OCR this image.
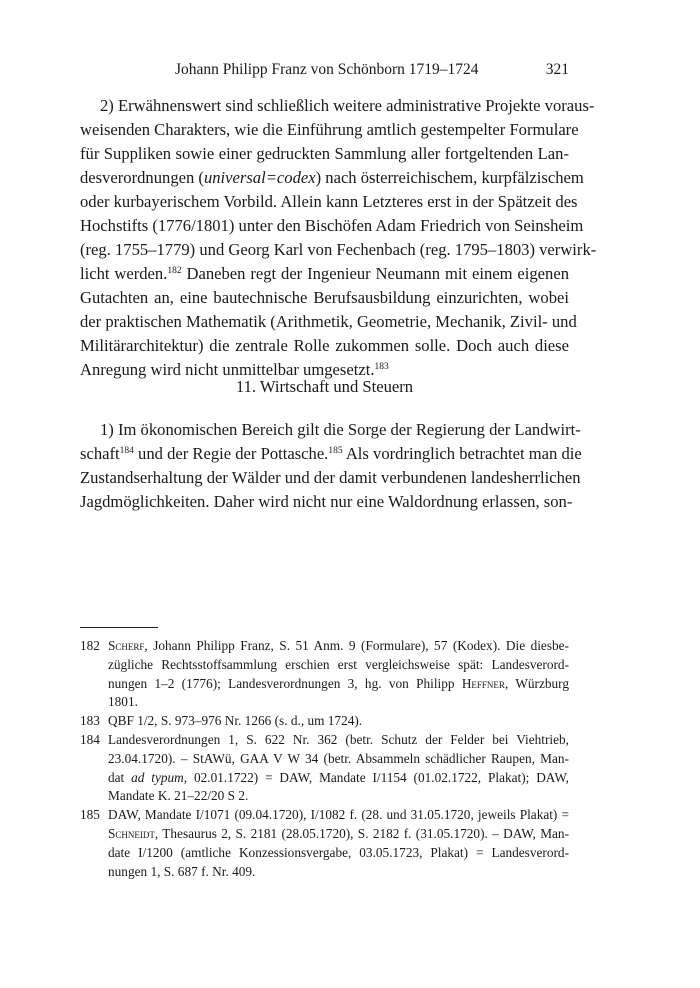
Johann Philipp Franz von Schönborn 1719–1724	321
2) Erwähnenswert sind schließlich weitere administrative Projekte voraus-
weisenden Charakters, wie die Einführung amtlich gestempelter Formulare
für Suppliken sowie einer gedruckten Sammlung aller fortgeltenden Lan-
desverordnungen (universal=codex) nach österreichischem, kurpfälzischem
oder kurbayerischem Vorbild. Allein kann Letzteres erst in der Spätzeit des
Hochstifts (1776/1801) unter den Bischöfen Adam Friedrich von Seinsheim
(reg. 1755–1779) und Georg Karl von Fechenbach (reg. 1795–1803) verwirk-
licht werden.$^{182}$ Daneben regt der Ingenieur Neumann mit einem eigenen
Gutachten an, eine bautechnische Berufsausbildung einzurichten, wobei
der praktischen Mathematik (Arithmetik, Geometrie, Mechanik, Zivil- und
Militärarchitektur) die zentrale Rolle zukommen solle. Doch auch diese
Anregung wird nicht unmittelbar umgesetzt.$^{183}$
11. Wirtschaft und Steuern
1) Im ökonomischen Bereich gilt die Sorge der Regierung der Landwirt-
schaft$^{184}$ und der Regie der Pottasche.$^{185}$ Als vordringlich betrachtet man die
Zustandserhaltung der Wälder und der damit verbundenen landesherrlichen
Jagdmöglichkeiten. Daher wird nicht nur eine Waldordnung erlassen, son-
182 Scherf, Johann Philipp Franz, S. 51 Anm. 9 (Formulare), 57 (Kodex). Die diesbe-
zügliche Rechtsstoffsammlung erschien erst vergleichsweise spät: Landesverord-
nungen 1–2 (1776); Landesverordnungen 3, hg. von Philipp Heffner, Würzburg
1801.
183 QBF 1/2, S. 973–976 Nr. 1266 (s. d., um 1724).
184 Landesverordnungen 1, S. 622 Nr. 362 (betr. Schutz der Felder bei Viehtrieb,
23.04.1720). – StAWü, GAA V W 34 (betr. Absammeln schädlicher Raupen, Man-
dat ad typum, 02.01.1722) = DAW, Mandate I/1154 (01.02.1722, Plakat); DAW,
Mandate K. 21–22/20 S 2.
185 DAW, Mandate I/1071 (09.04.1720), I/1082 f. (28. und 31.05.1720, jeweils Plakat) =
Schneidt, Thesaurus 2, S. 2181 (28.05.1720), S. 2182 f. (31.05.1720). – DAW, Man-
date I/1200 (amtliche Konzessionsvergabe, 03.05.1723, Plakat) = Landesverord-
nungen 1, S. 687 f. Nr. 409.
